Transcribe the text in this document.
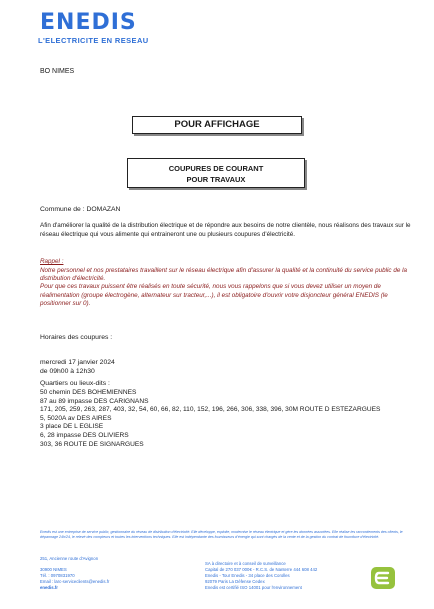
ENEDIS
L'ELECTRICITE EN RESEAU
BO NIMES
POUR AFFICHAGE
COUPURES DE COURANT
POUR TRAVAUX
Commune de : DOMAZAN
Afin d'améliorer la qualité de la distribution électrique et de répondre aux besoins de notre clientèle, nous réalisons des travaux sur le réseau électrique qui vous alimente qui entraineront une ou plusieurs coupures d'électricité.
Rappel :
Notre personnel et nos prestataires travaillent sur le réseau électrique afin d'assurer la qualité et la continuité du service public de la distribution d'électricité.
Pour que ces travaux puissent être réalisés en toute sécurité, nous vous rappelons que si vous devez utiliser un moyen de réalimentation (groupe électrogène, alternateur sur tracteur,...), il est obligatoire d'ouvrir votre disjoncteur général ENEDIS (le positionner sur 0).
Horaires des coupures :
mercredi 17 janvier 2024
de 09h00 à 12h30
Quartiers ou lieux-dits :
50 chemin DES BOHEMIENNES
87 au 89 impasse DES CARIGNANS
171, 205, 259, 263, 287, 403, 32, 54, 60, 66, 82, 110, 152, 196, 266, 306, 338, 396, 30M ROUTE D ESTEZARGUES
5, 5020A av DES AIRES
3 place DE L EGLISE
6, 28 impasse DES OLIVIERS
303, 36 ROUTE DE SIGNARGUES
Enedis est une entreprise de service public, gestionnaire du réseau de distribution d'électricité. Elle développe, exploite, modernise le réseau électrique et gère les données associées. Elle réalise les raccordements des clients, le dépannage 24h/24, le relevé des compteurs et toutes les interventions techniques. Elle est indépendante des fournisseurs d'énergie qui sont chargés de la vente et de la gestion du contrat de fourniture d'électricité.
251, Ancienne route d'Avignon
30900 NIMES
Tél. : 0970831970
Email : larc-serviceclients@enedis.fr
enedis.fr
SA à directoire et à conseil de surveillance
Capital de 270 037 000€ - R.C.S. de Nanterre 444 608 442
Enedis - Tour Enedis - 34 place des Corolles
92079 Paris La Défense Cedex
Enedis est certifié ISO 14001 pour l'environnement
